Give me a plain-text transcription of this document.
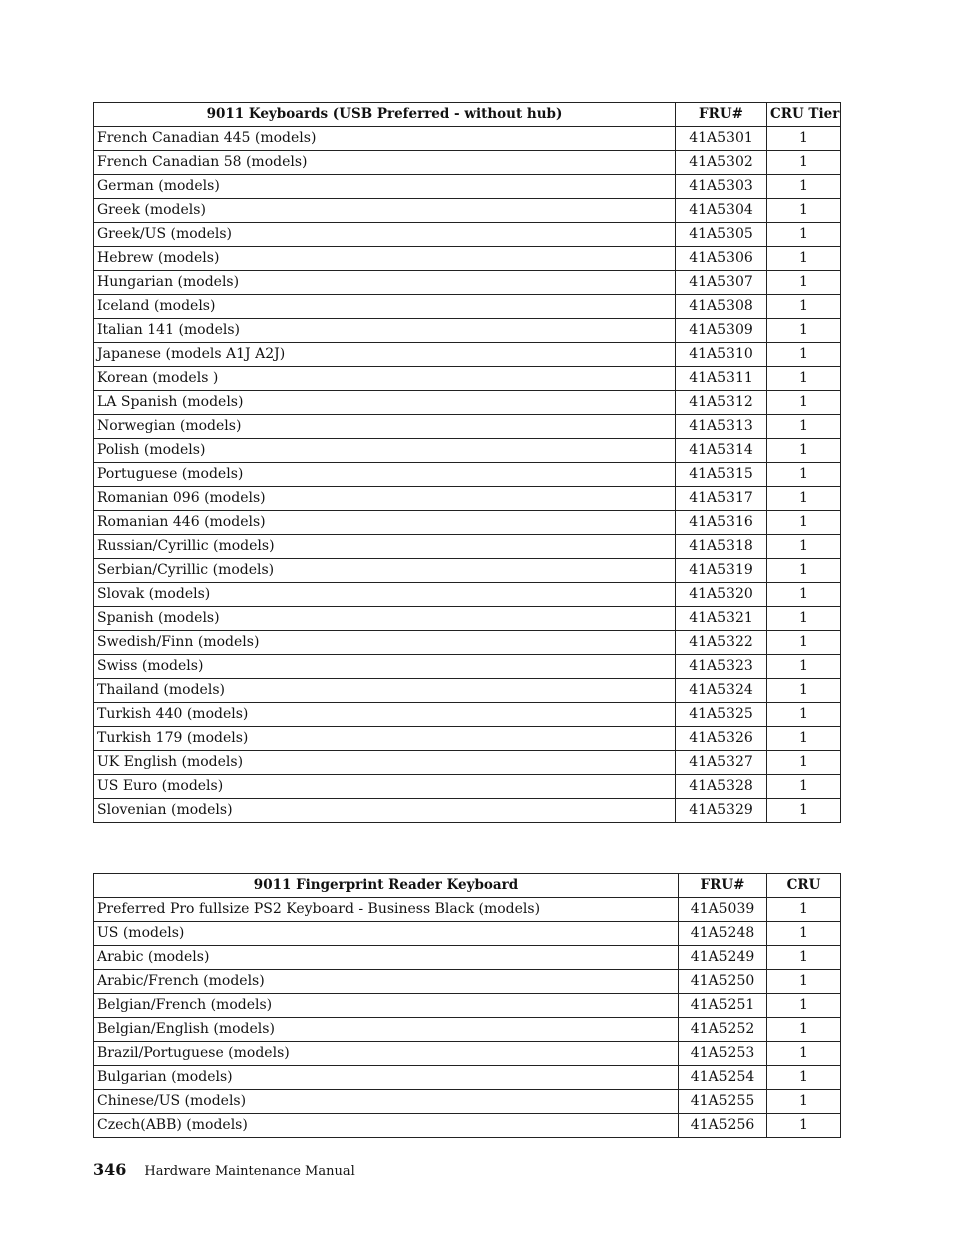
9011 Keyboards (USB Preferred - without hub)	FRU#	CRU Tier
French Canadian 445 (models)	41A5301	1
French Canadian 58 (models)	41A5302	1
German (models)	41A5303	1
Greek (models)	41A5304	1
Greek/US (models)	41A5305	1
Hebrew (models)	41A5306	1
Hungarian (models)	41A5307	1
Iceland (models)	41A5308	1
Italian 141 (models)	41A5309	1
Japanese (models A1J A2J)	41A5310	1
Korean (models )	41A5311	1
LA Spanish (models)	41A5312	1
Norwegian (models)	41A5313	1
Polish (models)	41A5314	1
Portuguese (models)	41A5315	1
Romanian 096 (models)	41A5317	1
Romanian 446 (models)	41A5316	1
Russian/Cyrillic (models)	41A5318	1
Serbian/Cyrillic (models)	41A5319	1
Slovak (models)	41A5320	1
Spanish (models)	41A5321	1
Swedish/Finn (models)	41A5322	1
Swiss (models)	41A5323	1
Thailand (models)	41A5324	1
Turkish 440 (models)	41A5325	1
Turkish 179 (models)	41A5326	1
UK English (models)	41A5327	1
US Euro (models)	41A5328	1
Slovenian (models)	41A5329	1
9011 Fingerprint Reader Keyboard	FRU#	CRU
Preferred Pro fullsize PS2 Keyboard - Business Black (models)	41A5039	1
US (models)	41A5248	1
Arabic (models)	41A5249	1
Arabic/French (models)	41A5250	1
Belgian/French (models)	41A5251	1
Belgian/English (models)	41A5252	1
Brazil/Portuguese (models)	41A5253	1
Bulgarian (models)	41A5254	1
Chinese/US (models)	41A5255	1
Czech(ABB) (models)	41A5256	1
346 Hardware Maintenance Manual
